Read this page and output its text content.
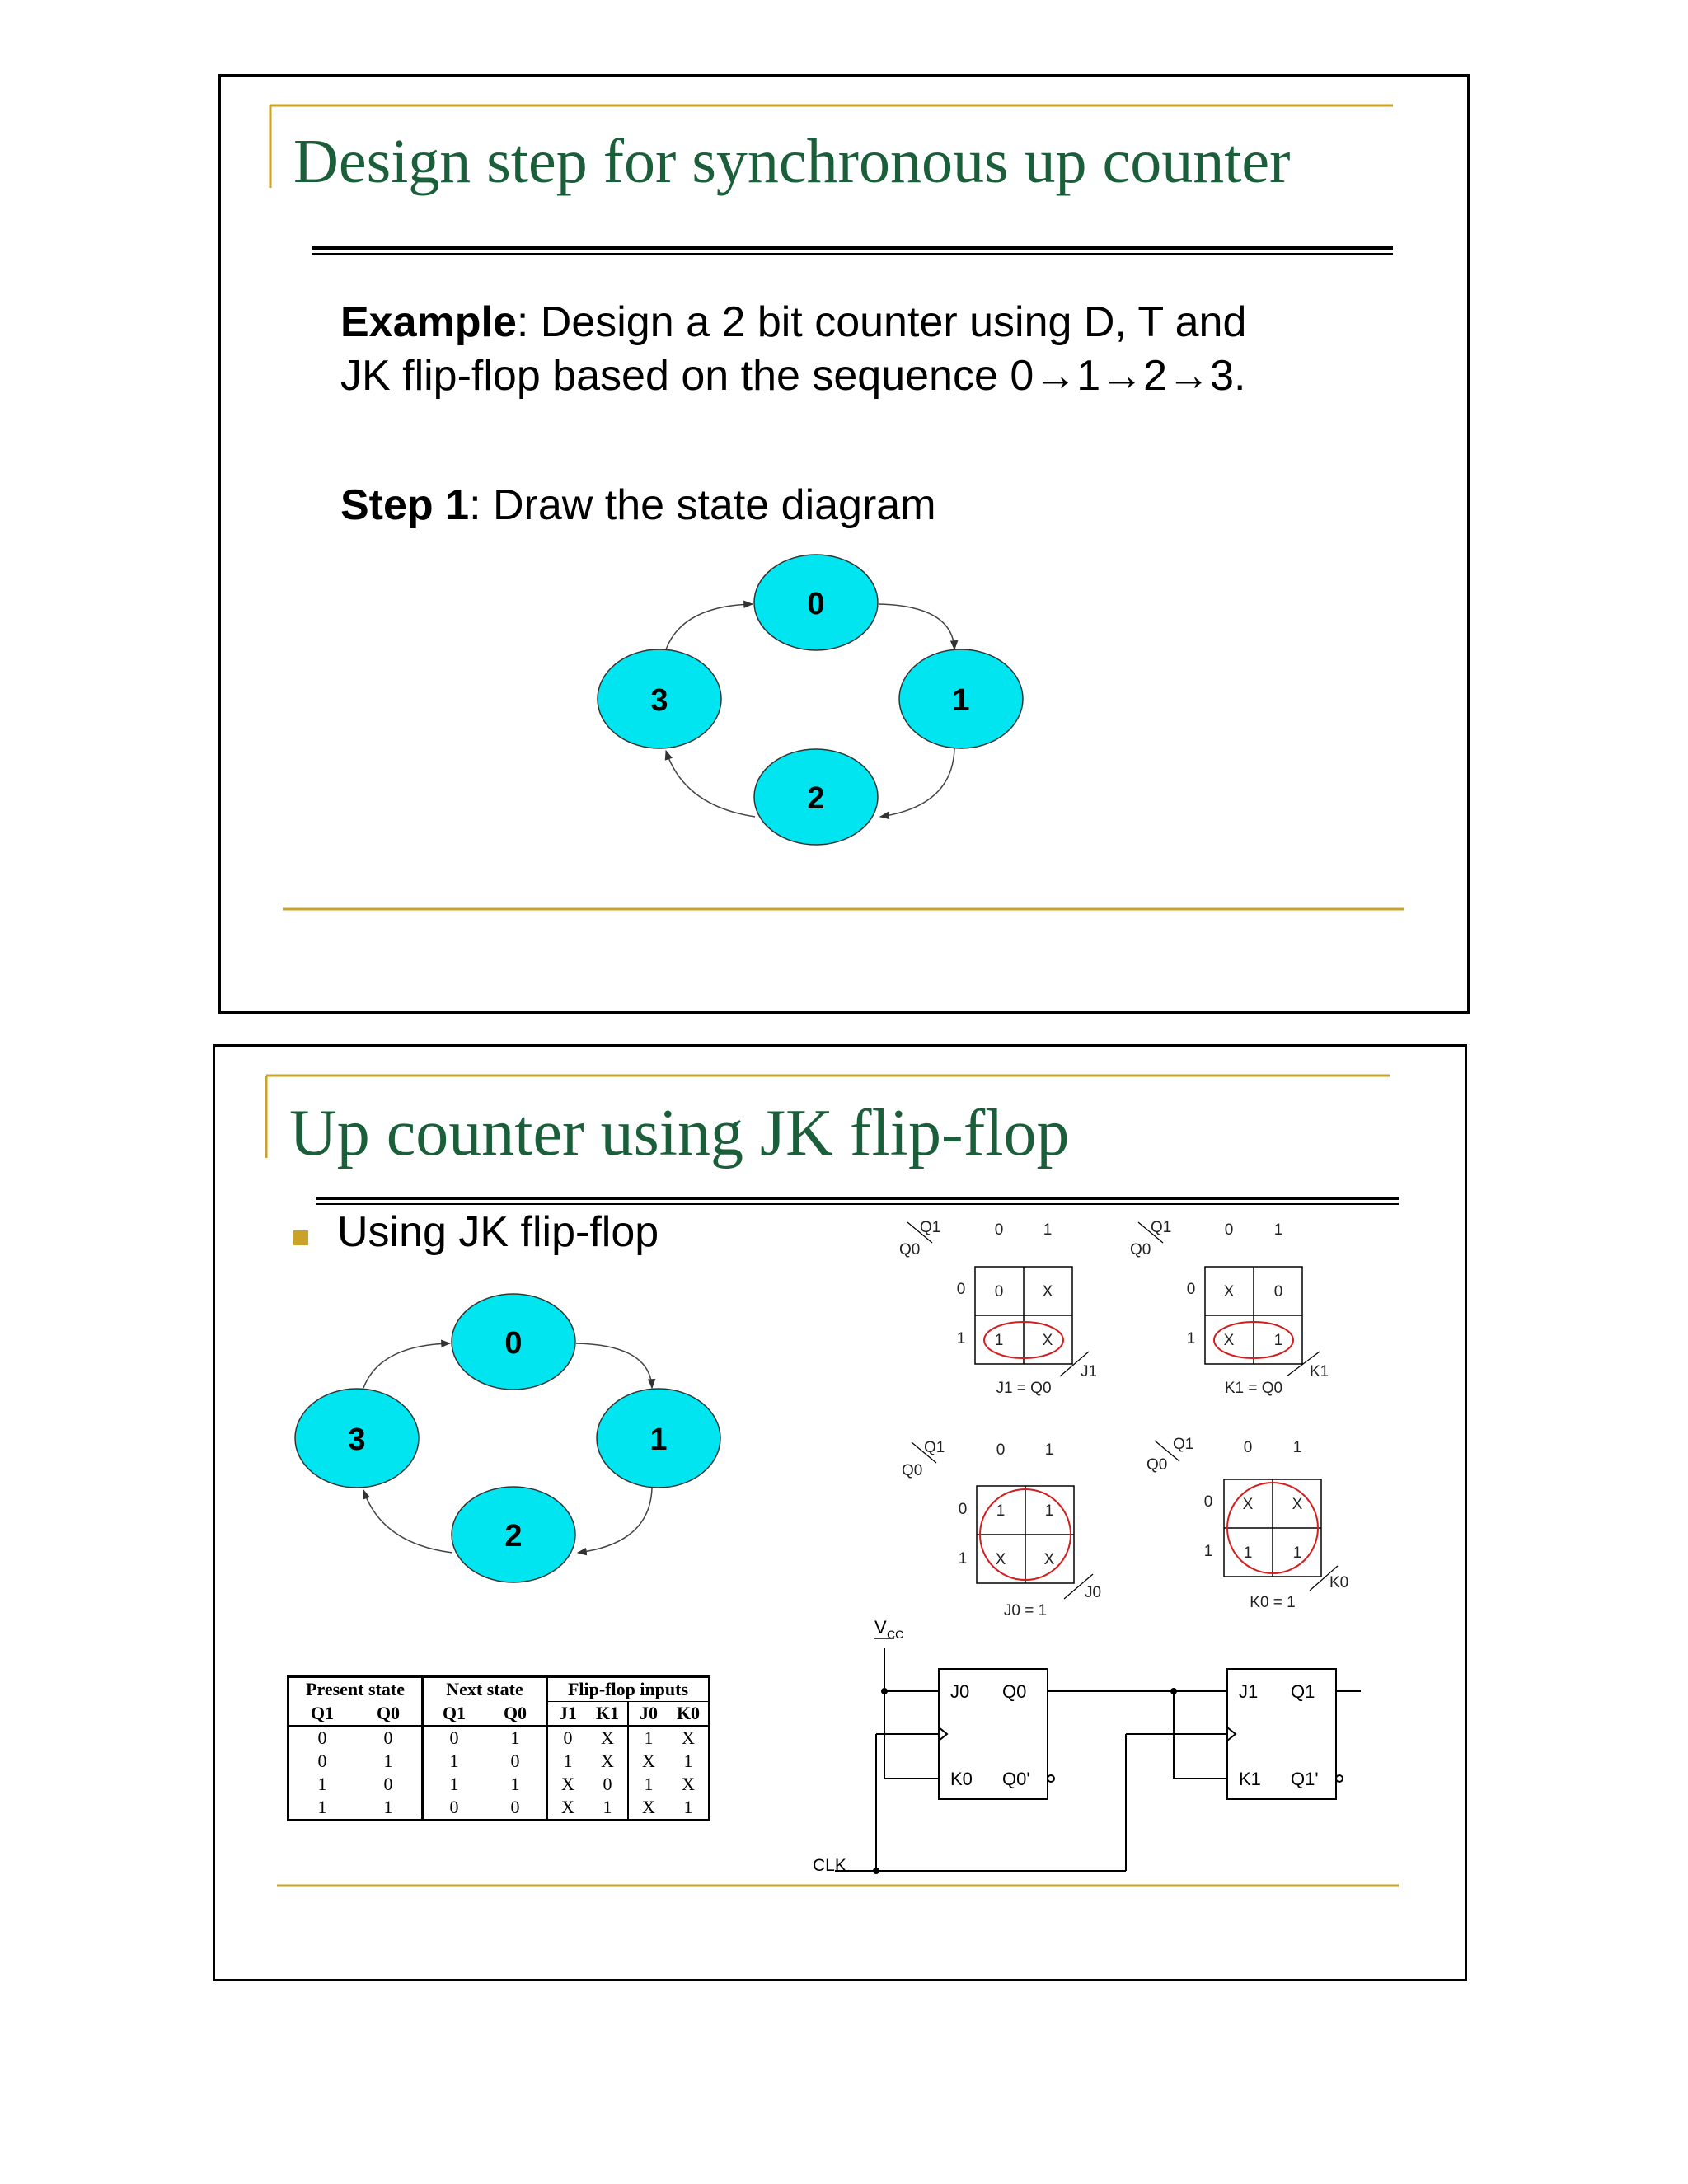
Design step for synchronous up counter
Example: Design a 2 bit counter using D, T and
JK flip-flop based on the sequence 0→1→2→3.
Step 1: Draw the state diagram
0
1
2
3
Up counter using JK flip-flop
Using JK flip-flop
0
1
2
3
Present state		Next state		Flip-flop inputs			
Q1	Q0	Q1	Q0	J1	K1	J0	K0
0	0	0	1	0	X	1	X
0	1	1	0	1	X	X	1
1	0	1	1	X	0	1	X
1	1	0	0	X	1	X	1
Q1
Q0
0	1
0
1
0 X
1 X
J1
J1 = Q0
Q1
Q0
0	1
0
1
X	0
X	1
K1
K1 = Q0
Q1
Q0
0	1
0
1
1	1
X X
J0
J0 = 1
Q1
Q0
0	1
0
1
X X
1	1
K0
K0 = 1
V CC
CLK
J0
K0
Q0
Q0'
J1
K1
Q1
Q1'
